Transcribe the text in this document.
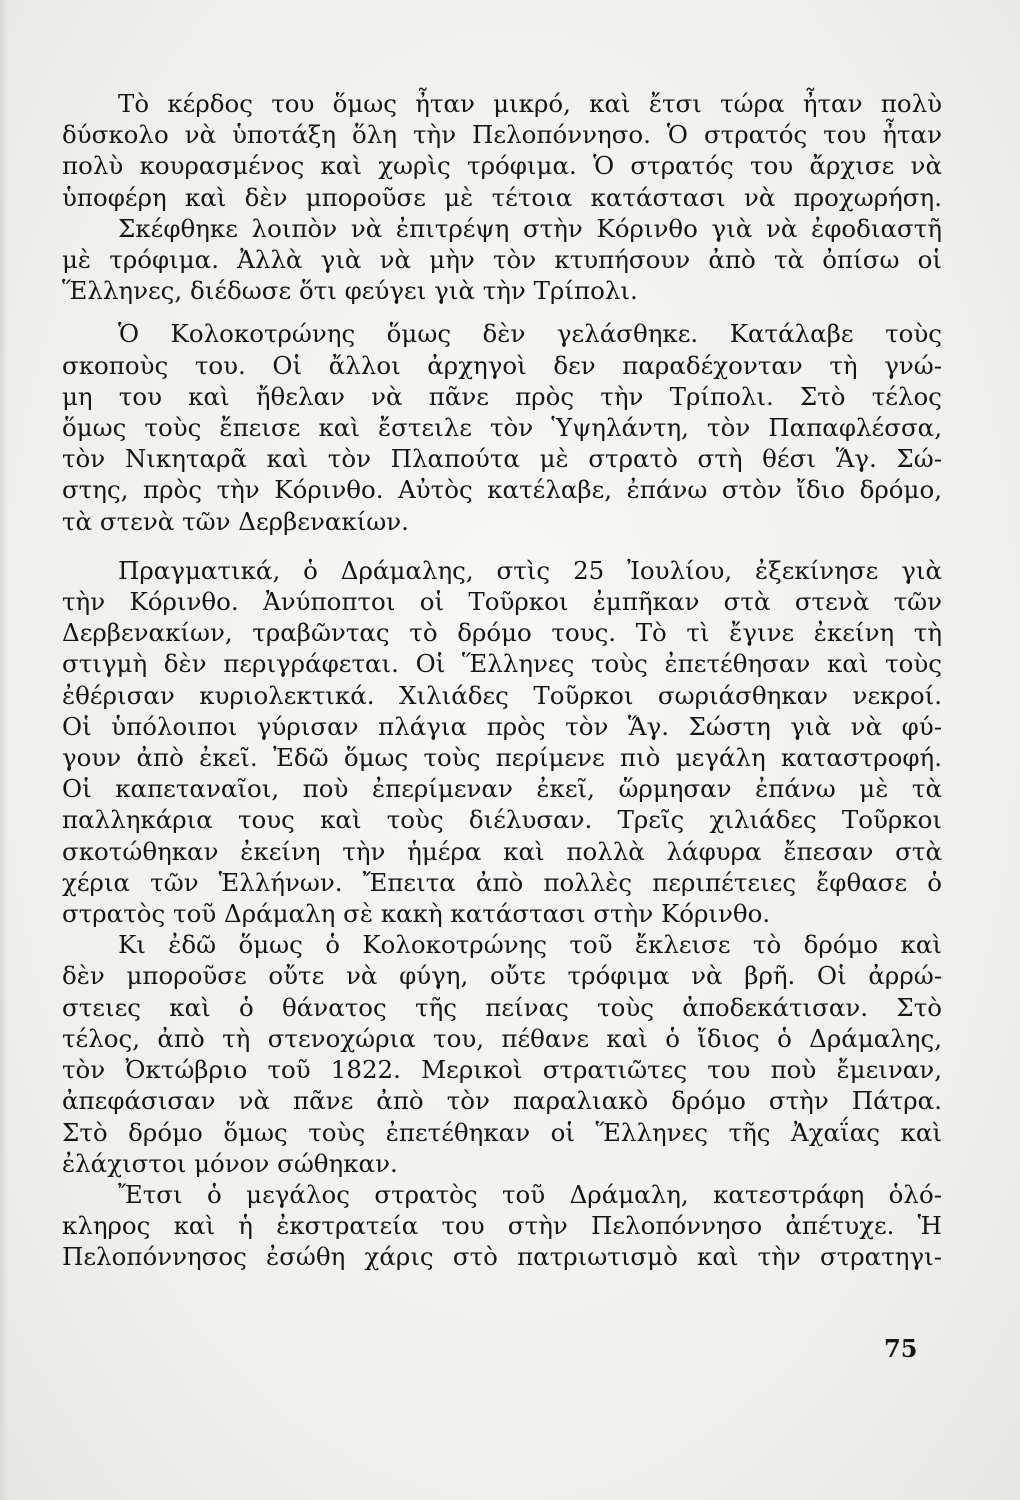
Τὸ κέρδος του ὅμως ἦταν μικρό, καὶ ἔτσι τώρα ἦταν πολὺ
δύσκολο νὰ ὑποτάξη ὅλη τὴν Πελοπόννησο. Ὁ στρατός του ἦταν
πολὺ κουρασμένος καὶ χωρὶς τρόφιμα. Ὁ στρατός του ἄρχισε νὰ
ὑποφέρη καὶ δὲν μποροῦσε μὲ τέτοια κατάστασι νὰ προχωρήση.

Σκέφθηκε λοιπὸν νὰ ἐπιτρέψη στὴν Κόρινθο γιὰ νὰ ἐφοδιαστῆ
μὲ τρόφιμα. Ἀλλὰ γιὰ νὰ μὴν τὸν κτυπήσουν ἀπὸ τὰ ὀπίσω οἱ
Ἕλληνες, διέδωσε ὅτι φεύγει γιὰ τὴν Τρίπολι.

Ὁ Κολοκοτρώνης ὅμως δὲν γελάσθηκε. Κατάλαβε τοὺς
σκοποὺς του. Οἱ ἄλλοι ἀρχηγοὶ δεν παραδέχονταν τὴ γνώ-
μη του καὶ ἤθελαν νὰ πᾶνε πρὸς τὴν Τρίπολι. Στὸ τέλος
ὅμως τοὺς ἔπεισε καὶ ἔστειλε τὸν Ὑψηλάντη, τὸν Παπαφλέσσα,
τὸν Νικηταρᾶ καὶ τὸν Πλαπούτα μὲ στρατὸ στὴ θέσι Ἅγ. Σώ-
στης, πρὸς τὴν Κόρινθο. Αὐτὸς κατέλαβε, ἐπάνω στὸν ἴδιο δρόμο,
τὰ στενὰ τῶν Δερβενακίων.

Πραγματικά, ὁ Δράμαλης, στὶς 25 Ἰουλίου, ἐξεκίνησε γιὰ
τὴν Κόρινθο. Ἀνύποπτοι οἱ Τοῦρκοι ἐμπῆκαν στὰ στενὰ τῶν
Δερβενακίων, τραβῶντας τὸ δρόμο τους. Τὸ τὶ ἔγινε ἐκείνη τὴ
στιγμὴ δὲν περιγράφεται. Οἱ Ἕλληνες τοὺς ἐπετέθησαν καὶ τοὺς
ἐθέρισαν κυριολεκτικά. Χιλιάδες Τοῦρκοι σωριάσθηκαν νεκροί.
Οἱ ὑπόλοιποι γύρισαν πλάγια πρὸς τὸν Ἅγ. Σώστη γιὰ νὰ φύ-
γουν ἀπὸ ἐκεῖ. Ἐδῶ ὅμως τοὺς περίμενε πιὸ μεγάλη καταστροφή.
Οἱ καπεταναῖοι, ποὺ ἐπερίμεναν ἐκεῖ, ὥρμησαν ἐπάνω μὲ τὰ
παλληκάρια τους καὶ τοὺς διέλυσαν. Τρεῖς χιλιάδες Τοῦρκοι
σκοτώθηκαν ἐκείνη τὴν ἡμέρα καὶ πολλὰ λάφυρα ἔπεσαν στὰ
χέρια τῶν Ἑλλήνων. Ἔπειτα ἀπὸ πολλὲς περιπέτειες ἔφθασε ὁ
στρατὸς τοῦ Δράμαλη σὲ κακὴ κατάστασι στὴν Κόρινθο.

Κι ἐδῶ ὅμως ὁ Κολοκοτρώνης τοῦ ἔκλεισε τὸ δρόμο καὶ
δὲν μποροῦσε οὔτε νὰ φύγη, οὔτε τρόφιμα νὰ βρῆ. Οἱ ἀρρώ-
στειες καὶ ὁ θάνατος τῆς πείνας τοὺς ἀποδεκάτισαν. Στὸ
τέλος, ἀπὸ τὴ στενοχώρια του, πέθανε καὶ ὁ ἴδιος ὁ Δράμαλης,
τὸν Ὀκτώβριο τοῦ 1822. Μερικοὶ στρατιῶτες του ποὺ ἔμειναν,
ἀπεφάσισαν νὰ πᾶνε ἀπὸ τὸν παραλιακὸ δρόμο στὴν Πάτρα.
Στὸ δρόμο ὅμως τοὺς ἐπετέθηκαν οἱ Ἕλληνες τῆς Ἀχαΐας καὶ
ἐλάχιστοι μόνον σώθηκαν.

Ἔτσι ὁ μεγάλος στρατὸς τοῦ Δράμαλη, κατεστράφη ὁλό-
κληρος καὶ ἡ ἐκστρατεία του στὴν Πελοπόννησο ἀπέτυχε. Ἡ
Πελοπόννησος ἐσώθη χάρις στὸ πατριωτισμὸ καὶ τὴν στρατηγι-

75
